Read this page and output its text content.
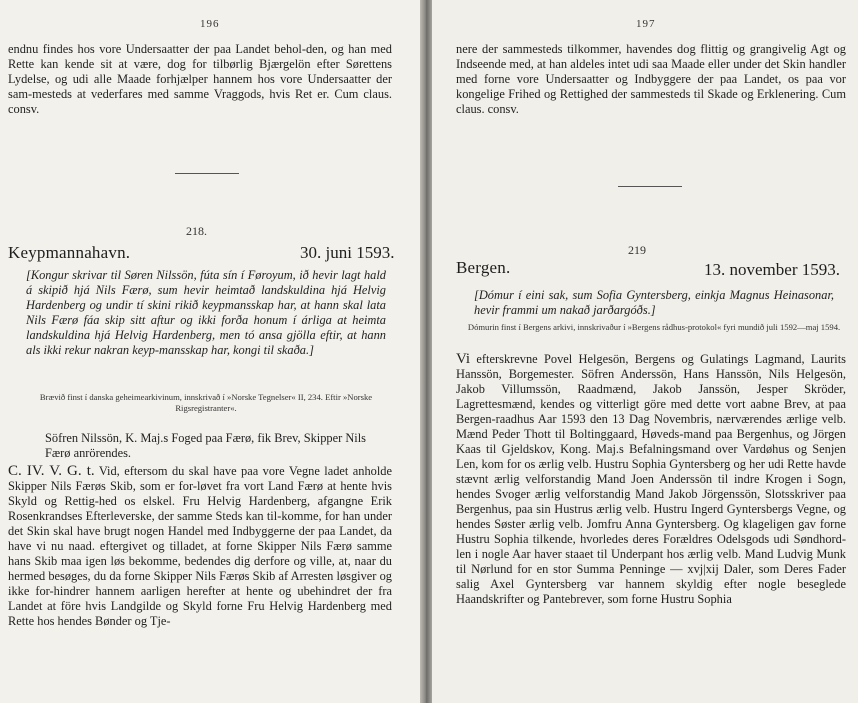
196
endnu findes hos vore Undersaatter der paa Landet behol-den, og han med Rette kan kende sit at være, dog for tilbørlig Bjærgelön efter Sørettens Lydelse, og udi alle Maade forhjælper hannem hos vore Undersaatter der sam-mesteds at vederfares med samme Vraggods, hvis Ret er. Cum claus. consv.
218.
Keypmannahavn.	30. juni 1593.
[Kongur skrivar til Søren Nilssön, fúta sín í Føroyum, ið hevir lagt hald á skipið hjá Nils Færø, sum hevir heimtað landskuldina hjá Helvig Hardenberg og undir tí skini rikið keypmansskap har, at hann skal lata Nils Færø fáa skip sitt aftur og ikki forða honum í árliga at heimta landskuldina hjá Helvig Hardenberg, men tó ansa gjölla eftir, at hann als ikki rekur nakran keyp-mansskap har, kongi til skaða.]
Brævið finst í danska geheimearkivinum, innskrivað í »Norske Tegnelser« II, 234. Eftir »Norske Rigsregistranter«.
Söfren Nilssön, K. Maj.s Foged paa Færø, fik Brev, Skipper Nils Færø anrörendes.
C. IV. V. G. t. Vid, eftersom du skal have paa vore Vegne ladet anholde Skipper Nils Færøs Skib, som er for-løvet fra vort Land Færø at hente hvis Skyld og Rettig-hed os elskel. Fru Helvig Hardenberg, afgangne Erik Rosenkrandses Efterleverske, der samme Steds kan til-komme, for han under det Skin skal have brugt nogen Handel med Indbyggerne der paa Landet, da have vi nu naad. eftergivet og tilladet, at forne Skipper Nils Færø samme hans Skib maa igen løs bekomme, bedendes dig derfore og ville, at, naar du hermed besøges, du da forne Skipper Nils Færøs Skib af Arresten løsgiver og ikke for-hindrer hannem aarligen herefter at hente og ubehindret der fra Landet at före hvis Landgilde og Skyld forne Fru Helvig Hardenberg med Rette hos hendes Bønder og Tje-
197
nere der sammesteds tilkommer, havendes dog flittig og grangivelig Agt og Indseende med, at han aldeles intet udi saa Maade eller under det Skin handler med forne vore Undersaatter og Indbyggere der paa Landet, os paa vor kongelige Frihed og Rettighed der sammesteds til Skade og Erklenering. Cum claus. consv.
219
Bergen.	13. november 1593.
[Dómur í eini sak, sum Sofia Gyntersberg, einkja Magnus Heinasonar, hevir frammi um nakað jarðargóðs.]
Dómurin finst í Bergens arkivi, innskrivaður í »Bergens rådhus-protokol« fyri mundið juli 1592—maj 1594.
Vi efterskrevne Povel Helgesön, Bergens og Gulatings Lagmand, Laurits Hanssön, Borgemester. Söfren Anderssön, Hans Hanssön, Nils Helgesön, Jakob Villumssön, Raadmænd, Jakob Janssön, Jesper Skröder, Lagrettesmænd, kendes og vitterligt göre med dette vort aabne Brev, at paa Bergen-raadhus Aar 1593 den 13 Dag Novembris, nærværendes ærlige velb. Mænd Peder Thott til Boltinggaard, Høveds-mand paa Bergenhus, og Jörgen Kaas til Gjeldskov, Kong. Maj.s Befalningsmand over Vardøhus og Senjen Len, kom for os ærlig velb. Hustru Sophia Gyntersberg og her udi Rette havde stævnt ærlig velforstandig Mand Joen Anderssön til indre Krogen i Sogn, hendes Svoger ærlig velforstandig Mand Jakob Jörgenssön, Slotsskriver paa Bergenhus, paa sin Hustrus ærlig velb. Hustru Ingerd Gyntersbergs Vegne, og hendes Søster ærlig velb. Jomfru Anna Gyntersberg. Og klageligen gav forne Hustru Sophia tilkende, hvorledes deres Forældres Odelsgods udi Søndhord-len i nogle Aar haver staaet til Underpant hos ærlig velb. Mand Ludvig Munk til Nørlund for en stor Summa Penninge — xvj|xij Daler, som Deres Fader salig Axel Gyntersberg var hannem skyldig efter nogle beseglede Haandskrifter og Pantebrever, som forne Hustru Sophia
